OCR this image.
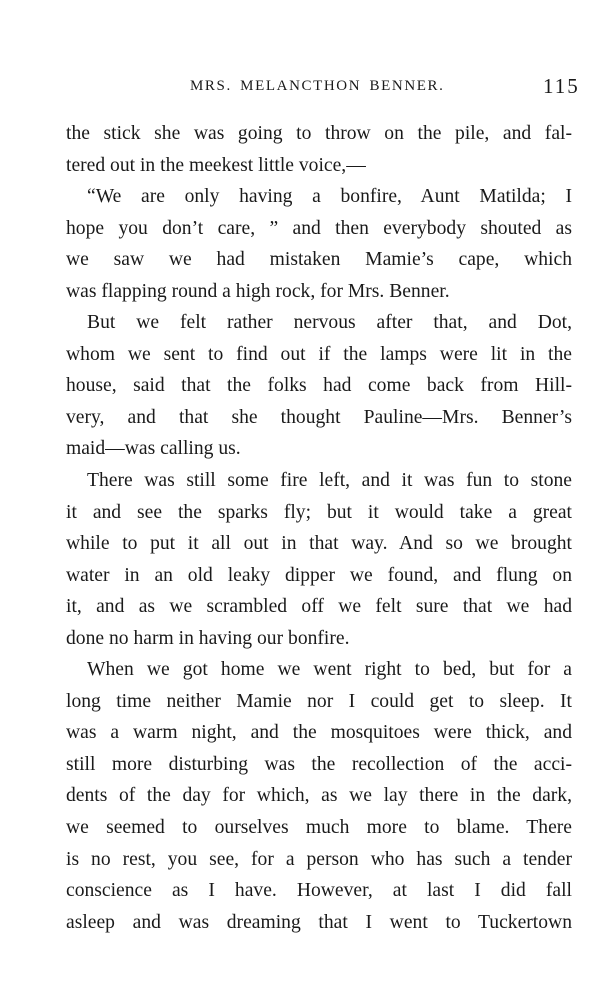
MRS. MELANCTHON BENNER.	115
the stick she was going to throw on the pile, and fal-
tered out in the meekest little voice,—
“We are only having a bonfire, Aunt Matilda; I
hope you don’t care, ” and then everybody shouted as
we saw we had mistaken Mamie’s cape, which
was flapping round a high rock, for Mrs. Benner.
But we felt rather nervous after that, and Dot,
whom we sent to find out if the lamps were lit in the
house, said that the folks had come back from Hill-
very, and that she thought Pauline—Mrs. Benner’s
maid—was calling us.
There was still some fire left, and it was fun to stone
it and see the sparks fly; but it would take a great
while to put it all out in that way. And so we brought
water in an old leaky dipper we found, and flung on
it, and as we scrambled off we felt sure that we had
done no harm in having our bonfire.
When we got home we went right to bed, but for a
long time neither Mamie nor I could get to sleep. It
was a warm night, and the mosquitoes were thick, and
still more disturbing was the recollection of the acci-
dents of the day for which, as we lay there in the dark,
we seemed to ourselves much more to blame. There
is no rest, you see, for a person who has such a tender
conscience as I have. However, at last I did fall
asleep and was dreaming that I went to Tuckertown
